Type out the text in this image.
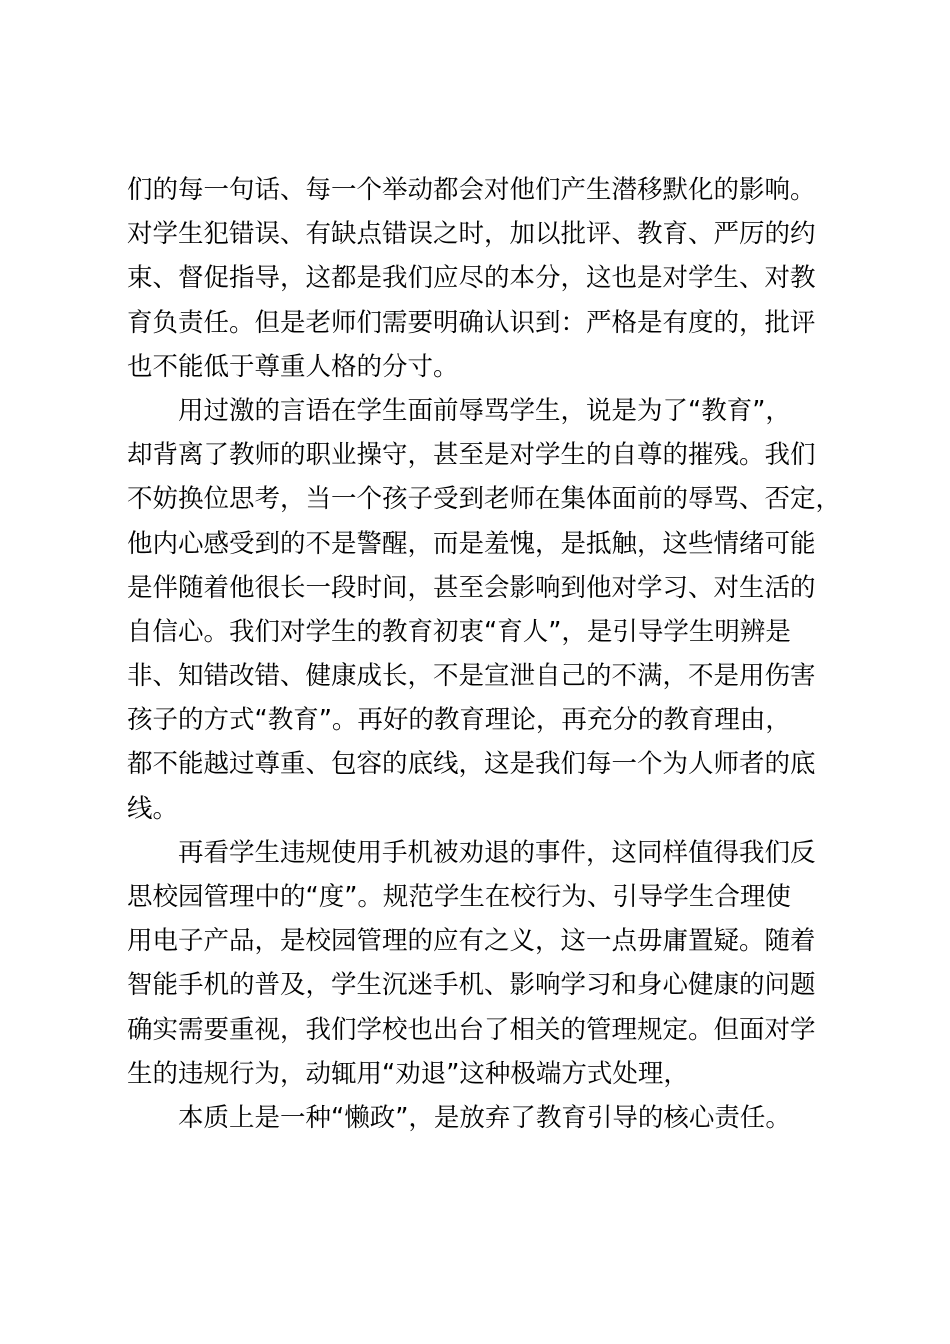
们的每一句话、每一个举动都会对他们产生潜移默化的影响。
对学生犯错误、有缺点错误之时，加以批评、教育、严厉的约
束、督促指导，这都是我们应尽的本分，这也是对学生、对教
育负责任。但是老师们需要明确认识到：严格是有度的，批评
也不能低于尊重人格的分寸。
用过激的言语在学生面前辱骂学生，说是为了“教育”，
却背离了教师的职业操守，甚至是对学生的自尊的摧残。我们
不妨换位思考，当一个孩子受到老师在集体面前的辱骂、否定，
他内心感受到的不是警醒，而是羞愧，是抵触，这些情绪可能
是伴随着他很长一段时间，甚至会影响到他对学习、对生活的
自信心。我们对学生的教育初衷“育人”，是引导学生明辨是
非、知错改错、健康成长，不是宣泄自己的不满，不是用伤害
孩子的方式“教育”。再好的教育理论，再充分的教育理由，
都不能越过尊重、包容的底线，这是我们每一个为人师者的底
线。
再看学生违规使用手机被劝退的事件，这同样值得我们反
思校园管理中的“度”。规范学生在校行为、引导学生合理使
用电子产品，是校园管理的应有之义，这一点毋庸置疑。随着
智能手机的普及，学生沉迷手机、影响学习和身心健康的问题
确实需要重视，我们学校也出台了相关的管理规定。但面对学
生的违规行为，动辄用“劝退”这种极端方式处理，
本质上是一种“懒政”，是放弃了教育引导的核心责任。
